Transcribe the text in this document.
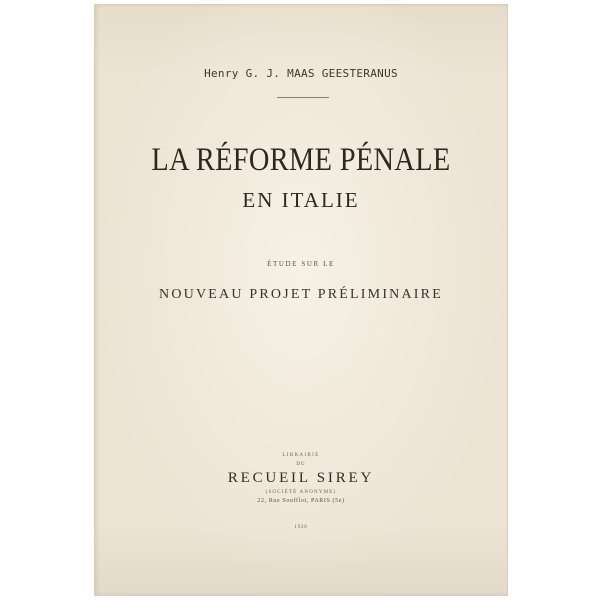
Henry G. J. MAAS GEESTERANUS
LA RÉFORME PÉNALE
EN ITALIE
ÉTUDE SUR LE
NOUVEAU PROJET PRÉLIMINAIRE
LIBRAIRIE
DU
RECUEIL SIREY
(SOCIÉTÉ ANONYME)
22, Rue Soufflot, PARIS (5e)
1920
